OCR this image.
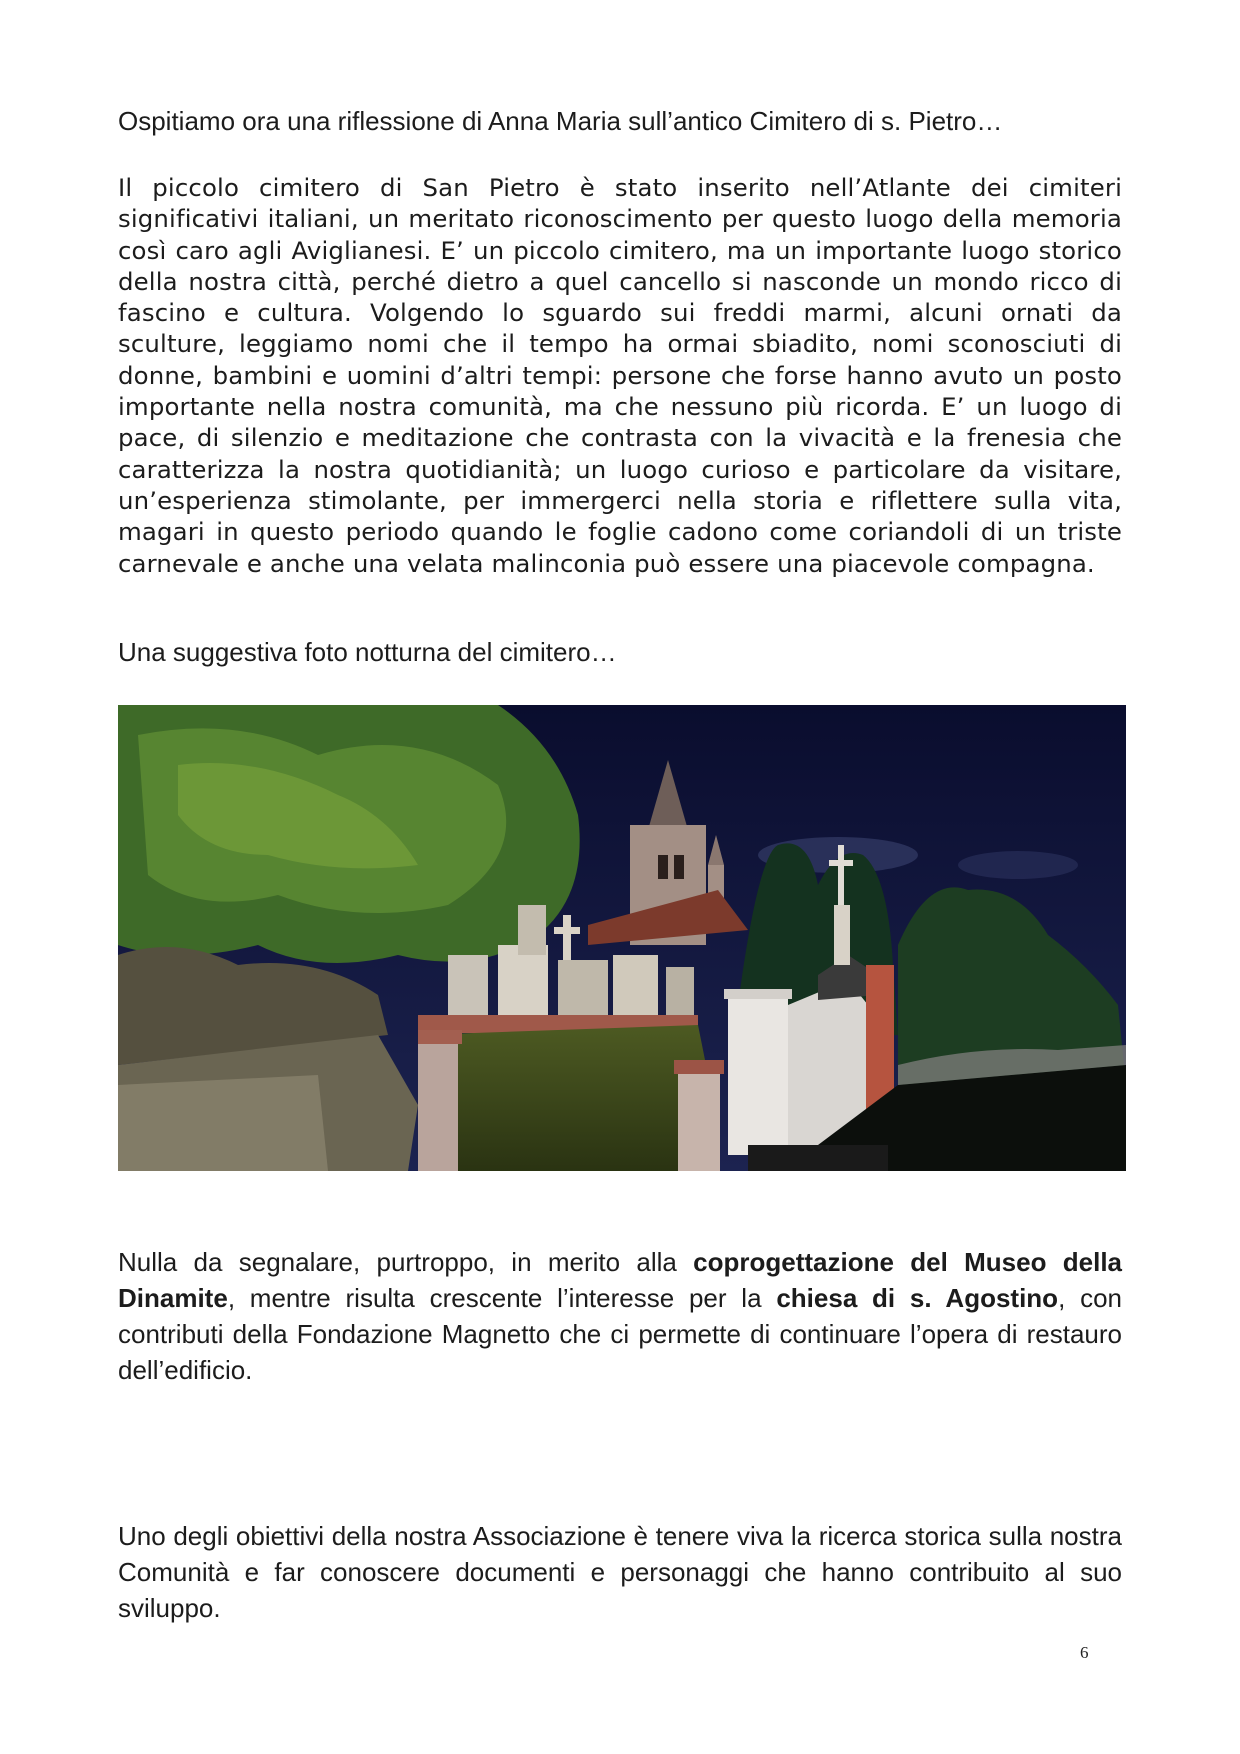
Ospitiamo ora una riflessione di Anna Maria sull’antico Cimitero di s. Pietro…
Il piccolo cimitero di San Pietro è stato inserito nell’Atlante dei cimiteri significativi italiani, un meritato riconoscimento per questo luogo della memoria così caro agli Aviglianesi. E’ un piccolo cimitero, ma un importante luogo storico della nostra città, perché dietro a quel cancello si nasconde un mondo ricco di fascino e cultura. Volgendo lo sguardo sui freddi marmi, alcuni ornati da sculture, leggiamo nomi che il tempo ha ormai sbiadito, nomi sconosciuti di donne, bambini e uomini d’altri tempi: persone che forse hanno avuto un posto importante nella nostra comunità, ma che nessuno più ricorda. E’ un luogo di pace, di silenzio e meditazione che contrasta con la vivacità e la frenesia che caratterizza la nostra quotidianità; un luogo curioso e particolare da visitare, un’esperienza stimolante, per immergerci nella storia e riflettere sulla vita, magari in questo periodo quando le foglie cadono come coriandoli di un triste carnevale e anche una velata malinconia può essere una piacevole compagna.
Una suggestiva foto notturna del cimitero…
Nulla da segnalare, purtroppo, in merito alla coprogettazione del Museo della Dinamite, mentre risulta crescente l’interesse per la chiesa di s. Agostino, con contributi della Fondazione Magnetto che ci permette di continuare l’opera di restauro dell’edificio.
Uno degli obiettivi della nostra Associazione è tenere viva la ricerca storica sulla nostra Comunità e far conoscere documenti e personaggi che hanno contribuito al suo sviluppo.
6
